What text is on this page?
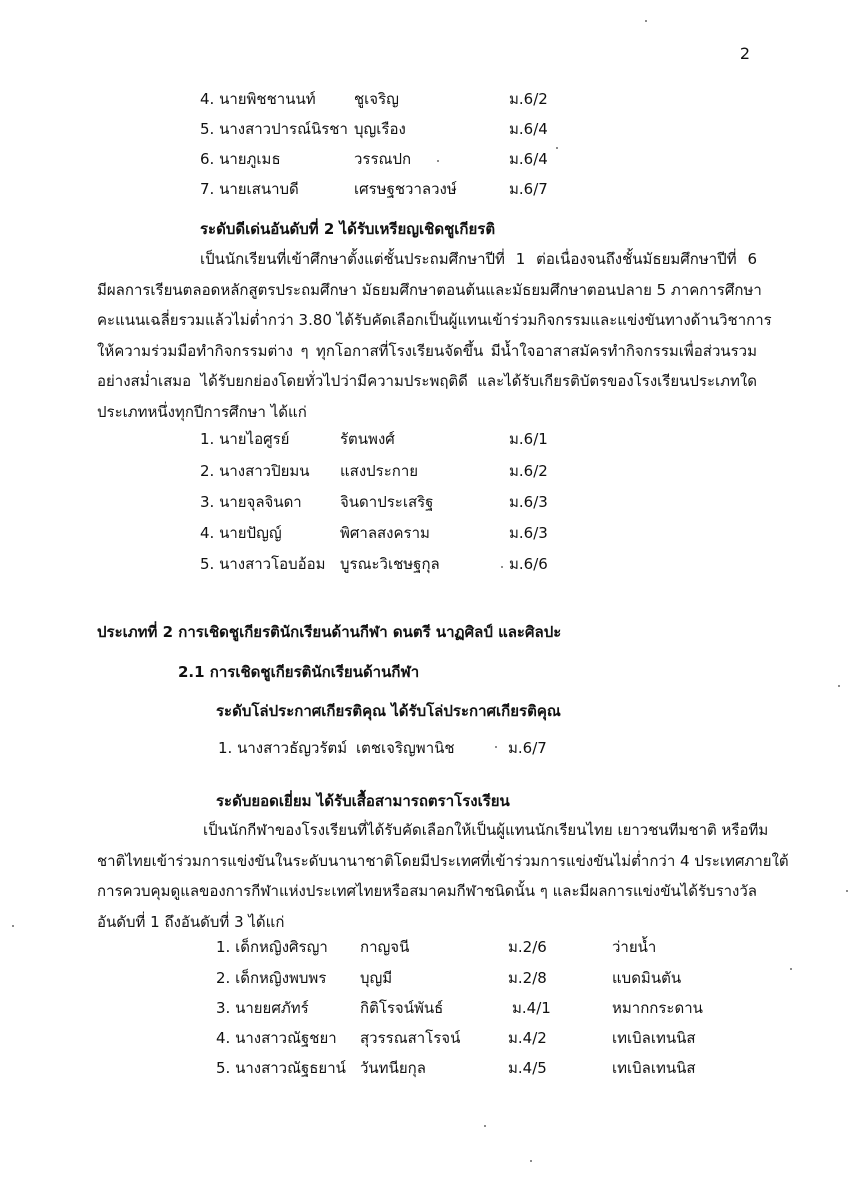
2
4. นายพิชชานนท์	ชูเจริญ	ม.6/2
5. นางสาวปารณ์นิรชา บุญเรือง	ม.6/4
6. นายภูเมธ	วรรณปก	ม.6/4
7. นายเสนาบดี	เศรษฐชวาลวงษ์	ม.6/7
ระดับดีเด่นอันดับที่ 2 ได้รับเหรียญเชิดชูเกียรติ
เป็นนักเรียนที่เข้าศึกษาตั้งแต่ชั้นประถมศึกษาปีที่ 1 ต่อเนื่องจนถึงชั้นมัธยมศึกษาปีที่ 6
มีผลการเรียนตลอดหลักสูตรประถมศึกษา มัธยมศึกษาตอนต้นและมัธยมศึกษาตอนปลาย 5 ภาคการศึกษา
คะแนนเฉลี่ยรวมแล้วไม่ต่ำกว่า 3.80 ได้รับคัดเลือกเป็นผู้แทนเข้าร่วมกิจกรรมและแข่งขันทางด้านวิชาการ
ให้ความร่วมมือทำกิจกรรมต่าง ๆ ทุกโอกาสที่โรงเรียนจัดขึ้น มีน้ำใจอาสาสมัครทำกิจกรรมเพื่อส่วนรวม
อย่างสม่ำเสมอ ได้รับยกย่องโดยทั่วไปว่ามีความประพฤติดี และได้รับเกียรติบัตรของโรงเรียนประเภทใด
ประเภทหนึ่งทุกปีการศึกษา ได้แก่
1. นายไอศูรย์	รัตนพงศ์	ม.6/1
2. นางสาวปิยมน แสงประกาย	ม.6/2
3. นายจุลจินดา	จินดาประเสริฐ	ม.6/3
4. นายปัญญ์	พิศาลสงคราม	ม.6/3
5. นางสาวโอบอ้อม บูรณะวิเชษฐกุล	ม.6/6
ประเภทที่ 2 การเชิดชูเกียรตินักเรียนด้านกีฬา ดนตรี นาฏศิลป์ และศิลปะ
2.1 การเชิดชูเกียรตินักเรียนด้านกีฬา
ระดับโล่ประกาศเกียรติคุณ ได้รับโล่ประกาศเกียรติคุณ
1. นางสาวธัญวรัตม์ เตชเจริญพานิช	ม.6/7
ระดับยอดเยี่ยม ได้รับเสื้อสามารถตราโรงเรียน
เป็นนักกีฬาของโรงเรียนที่ได้รับคัดเลือกให้เป็นผู้แทนนักเรียนไทย เยาวชนทีมชาติ หรือทีม
ชาติไทยเข้าร่วมการแข่งขันในระดับนานาชาติโดยมีประเทศที่เข้าร่วมการแข่งขันไม่ต่ำกว่า 4 ประเทศภายใต้
การควบคุมดูแลของการกีฬาแห่งประเทศไทยหรือสมาคมกีฬาชนิดนั้น ๆ และมีผลการแข่งขันได้รับรางวัล
อันดับที่ 1 ถึงอันดับที่ 3 ได้แก่
1. เด็กหญิงศิรญา กาญจนี	ม.2/6	ว่ายน้ำ
2. เด็กหญิงพบพร บุญมี	ม.2/8	แบดมินตัน
3. นายยศภัทร์	กิติโรจน์พันธ์	ม.4/1	หมากกระดาน
4. นางสาวณัฐชยา สุวรรณสาโรจน์	ม.4/2	เทเบิลเทนนิส
5. นางสาวณัฐธยาน์ วันทนียกุล	ม.4/5	เทเบิลเทนนิส
